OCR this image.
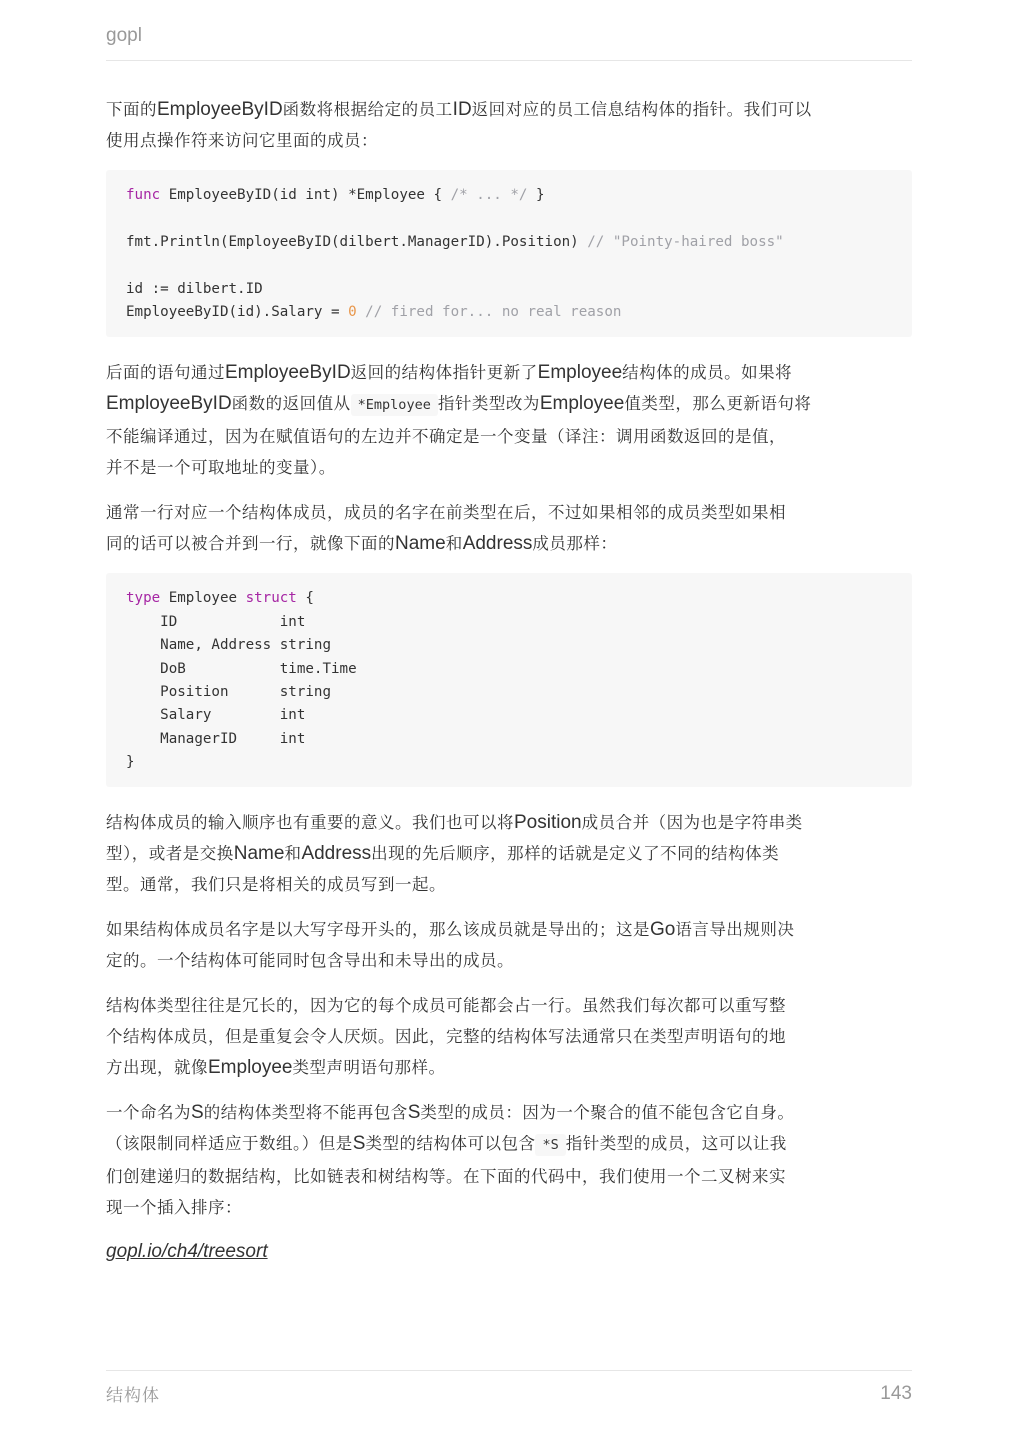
gopl

下面的EmployeeByID函数将根据给定的员工ID返回对应的员工信息结构体的指针。我们可以
使用点操作符来访问它里面的成员：

func EmployeeByID(id int) *Employee { /* ... */ }
fmt.Println(EmployeeByID(dilbert.ManagerID).Position) // "Pointy-haired boss"
id := dilbert.ID
EmployeeByID(id).Salary = 0 // fired for... no real reason

后面的语句通过EmployeeByID返回的结构体指针更新了Employee结构体的成员。如果将
EmployeeByID函数的返回值从 *Employee 指针类型改为Employee值类型，那么更新语句将
不能编译通过，因为在赋值语句的左边并不确定是一个变量（译注：调用函数返回的是值，
并不是一个可取地址的变量）。

通常一行对应一个结构体成员，成员的名字在前类型在后，不过如果相邻的成员类型如果相
同的话可以被合并到一行，就像下面的Name和Address成员那样：

type Employee struct {
ID            int
Name, Address string
DoB           time.Time
Position      string
Salary        int
ManagerID     int
}

结构体成员的输入顺序也有重要的意义。我们也可以将Position成员合并（因为也是字符串类
型），或者是交换Name和Address出现的先后顺序，那样的话就是定义了不同的结构体类
型。通常，我们只是将相关的成员写到一起。

如果结构体成员名字是以大写字母开头的，那么该成员就是导出的；这是Go语言导出规则决
定的。一个结构体可能同时包含导出和未导出的成员。

结构体类型往往是冗长的，因为它的每个成员可能都会占一行。虽然我们每次都可以重写整
个结构体成员，但是重复会令人厌烦。因此，完整的结构体写法通常只在类型声明语句的地
方出现，就像Employee类型声明语句那样。

一个命名为S的结构体类型将不能再包含S类型的成员：因为一个聚合的值不能包含它自身。
（该限制同样适应于数组。）但是S类型的结构体可以包含 *S 指针类型的成员，这可以让我
们创建递归的数据结构，比如链表和树结构等。在下面的代码中，我们使用一个二叉树来实
现一个插入排序：

gopl.io/ch4/treesort
结构体	143
